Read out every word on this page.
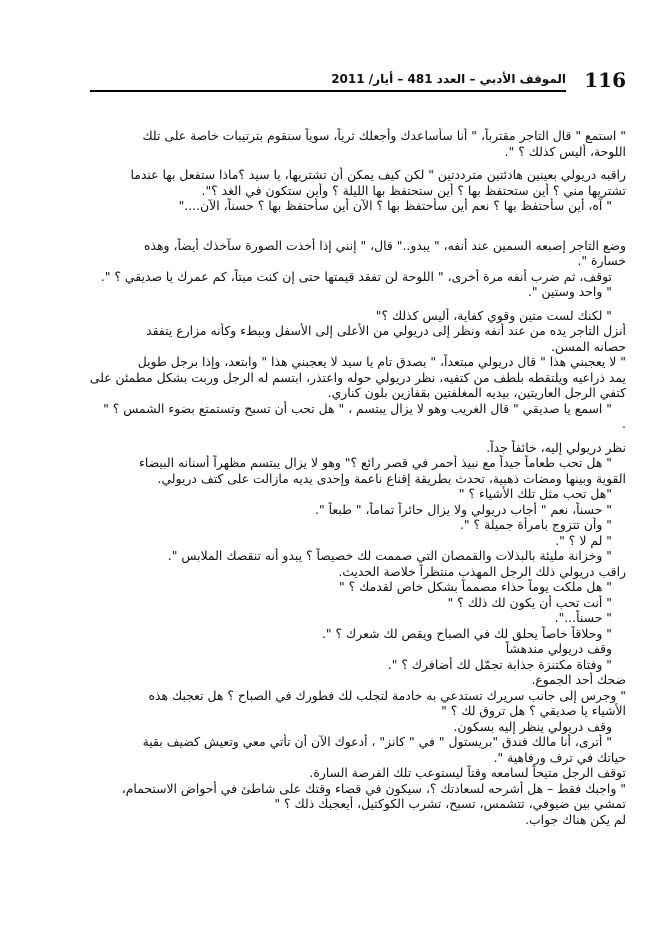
116
الموقف الأدبي – العدد 481 – أيار/ 2011
" استمع " قال التاجر مقترباً، " أنا سأساعدك وأجعلك ثرياً، سوياً سنقوم بترتيبات خاصة على تلك
اللوحة، أليس كذلك ؟ ".
راقبه دريولي بعينين هادئتين مترددتين " لكن كيف يمكن أن تشتريها، يا سيد ؟ماذا ستفعل بها عندما
تشتريها مني ؟ أين ستحتفظ بها ؟ أين ستحتفظ بها الليلة ؟ وأين ستكون في الغد ؟".
" آه، أين سأحتفظ بها ؟ نعم أين سأحتفظ بها ؟ الآن أين سأحتفظ بها ؟ حسناً، الآن...."
وضع التاجر إصبعه السمين عند أنفه، " يبدو.." قال، " إنني إذا أخذت الصورة سآخذك أيضاً، وهذه
خسارة ".
توقف، ثم ضرب أنفه مرة أخرى، " اللوحة لن تفقد قيمتها حتى إن كنت ميتاً، كم عمرك يا صديقي ؟ ".
" واحد وستين ".
" لكنك لست متين وقوي كفاية، أليس كذلك ؟"
أنزل التاجر يده من عند أنفه ونظر إلى دريولي من الأعلى إلى الأسفل وببطء وكأنه مزارع يتفقد
حصانه المسن.
" لا يعجبني هذا " قال دريولي مبتعداً، " بصدق تام يا سيد لا يعجبني هذا " وابتعد، وإذا برجل طويل
يمد ذراعيه ويلتقطه بلطف من كتفيه، نظر دريولي حوله واعتذر، ابتسم له الرجل وربت بشكل مطمئن على
كتفي الرجل العاريتين، بيديه المغلفتين بقفازين بلون كناري.
" اسمع يا صديقي " قال الغريب وهو لا يزال يبتسم ، " هل تحب أن تسبح وتستمتع بضوء الشمس ؟ "
.
نظر دريولي إليه، خائفاً جداً.
" هل تحب طعاماً جيداً مع نبيذ أحمر في قصر رائع ؟" وهو لا يزال يبتسم مظهراً أسنانه البيضاء
القوية وبينها ومضات ذهبية، تحدث بطريقة إقناع ناعمة وإحدى يديه مازالت على كتف دريولي.
"هل تحب مثل تلك الأشياء ؟ "
" حسناً، نعم " أجاب دريولي ولا يزال حائراً تماماً، " طبعاً ".
" وأن تتزوج بامرأة جميلة ؟ ".
" لم لا ؟ ".
" وخزانة مليئة بالبذلات والقمصان التي صممت لك خصيصاً ؟ يبدو أنه تنقصك الملابس ".
راقب دريولي ذلك الرجل المهذب منتظراً خلاصة الحديث.
" هل ملكت يوماً حذاء مصمماً بشكل خاص لقدمك ؟ "
" أنت تحب أن يكون لك ذلك ؟ "
" حسناً...".
" وحلاقاً خاصاً يحلق لك في الصباح ويقص لك شعرك ؟ ".
وقف دريولي مندهشاً
" وفتاة مكتنزة جذابة تجمّل لك أضافرك ؟ ".
ضحك أحد الجموع.
" وجرس إلى جانب سريرك تستدعي به خادمة لتجلب لك فطورك في الصباح ؟ هل تعجبك هذه
الأشياء يا صديقي ؟ هل تروق لك ؟ "
وقف دريولي ينظر إليه بسكون.
" أترى، أنا مالك فندق "بريستول " في " كانز" ، أدعوك الآن أن تأتي معي وتعيش كضيف بقية
حياتك في ترف ورفاهية ".
توقف الرجل متيحاً لسامعه وقتاً ليستوعب تلك الفرصة السارة.
" واجبك فقط – هل أشرحه لسعادتك ؟، سيكون في قضاء وقتك على شاطئ في أحواض الاستحمام،
تمشي بين ضيوفي، تتشمس، تسبح، تشرب الكوكتيل، أيعجبك ذلك ؟ "
لم يكن هناك جواب.
